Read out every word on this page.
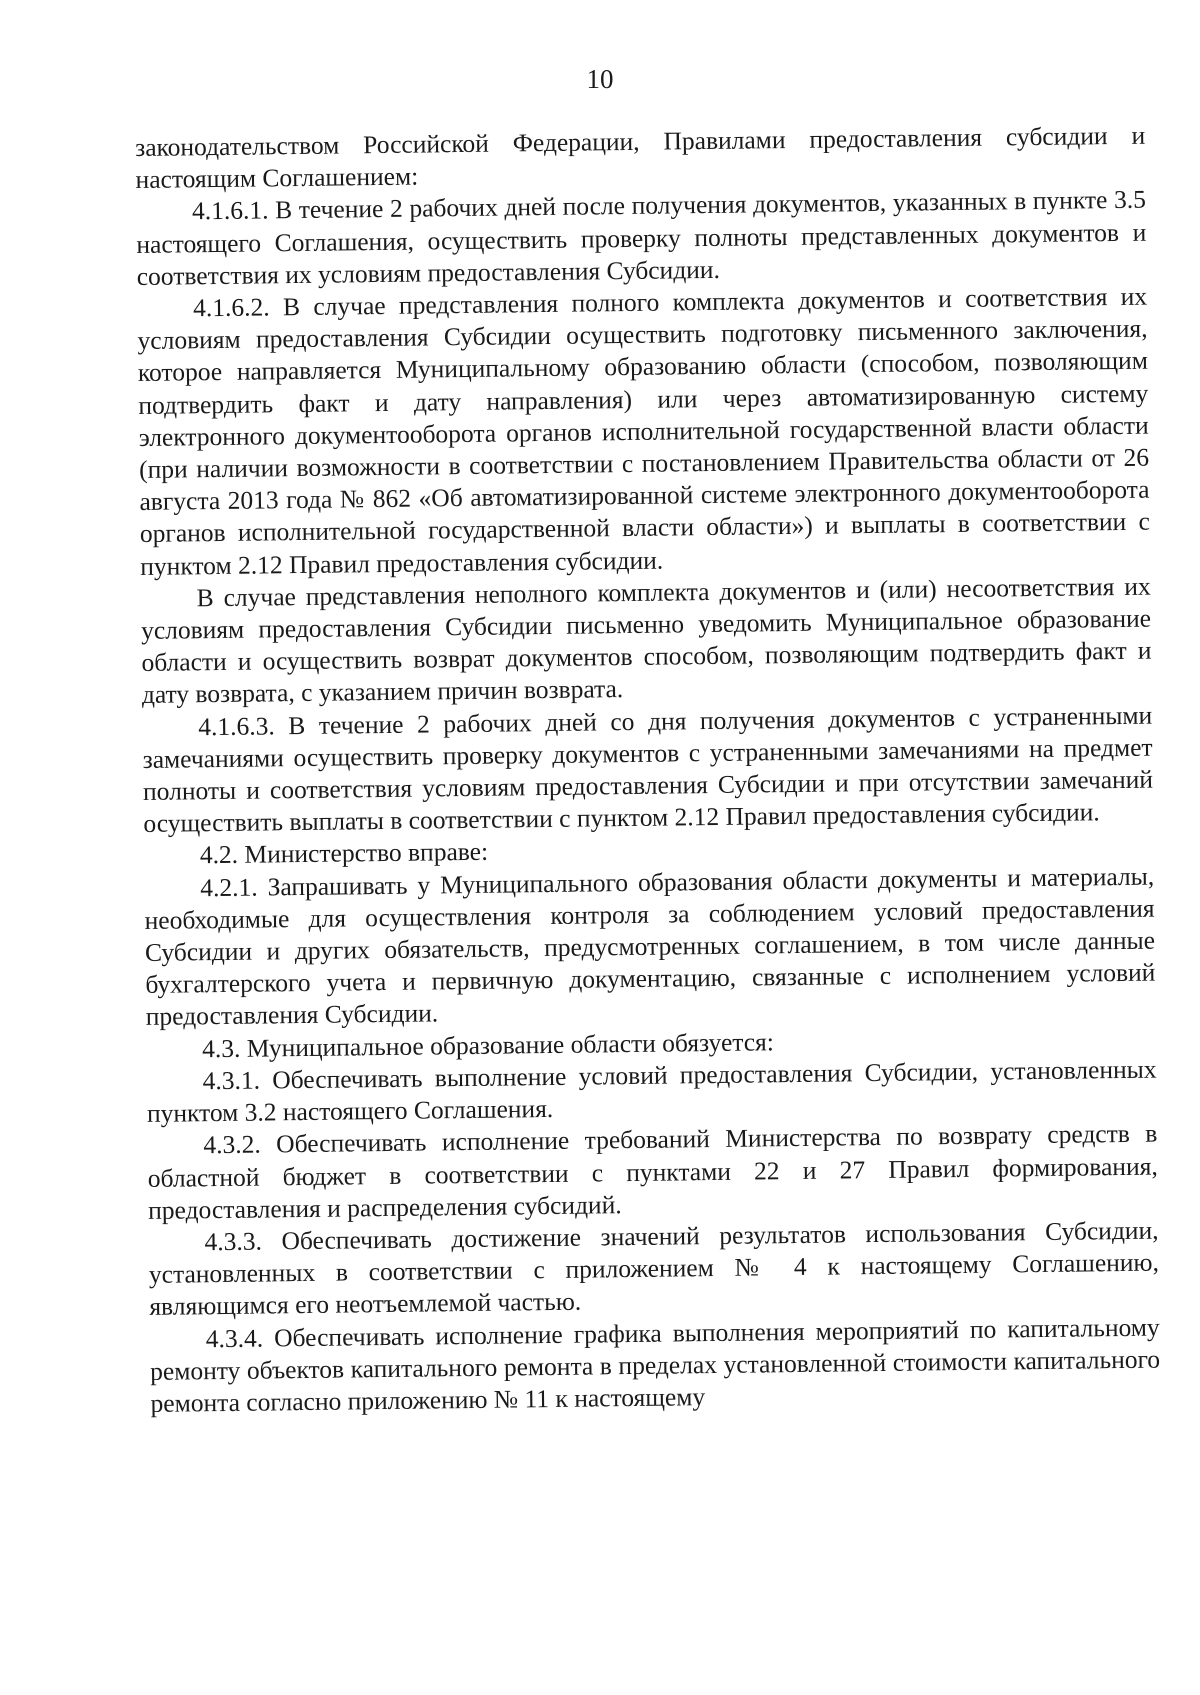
10

законодательством Российской Федерации, Правилами предоставления субсидии и настоящим Соглашением:

4.1.6.1. В течение 2 рабочих дней после получения документов, указанных в пункте 3.5 настоящего Соглашения, осуществить проверку полноты представленных документов и соответствия их условиям предоставления Субсидии.

4.1.6.2. В случае представления полного комплекта документов и соответствия их условиям предоставления Субсидии осуществить подготовку письменного заключения, которое направляется Муниципальному образованию области (способом, позволяющим подтвердить факт и дату направления) или через автоматизированную систему электронного документооборота органов исполнительной государственной власти области (при наличии возможности в соответствии с постановлением Правительства области от 26 августа 2013 года № 862 «Об автоматизированной системе электронного документооборота органов исполнительной государственной власти области») и выплаты в соответствии с пунктом 2.12 Правил предоставления субсидии.

В случае представления неполного комплекта документов и (или) несоответствия их условиям предоставления Субсидии письменно уведомить Муниципальное образование области и осуществить возврат документов способом, позволяющим подтвердить факт и дату возврата, с указанием причин возврата.

4.1.6.3. В течение 2 рабочих дней со дня получения документов с устраненными замечаниями осуществить проверку документов с устраненными замечаниями на предмет полноты и соответствия условиям предоставления Субсидии и при отсутствии замечаний осуществить выплаты в соответствии с пунктом 2.12 Правил предоставления субсидии.

4.2. Министерство вправе:

4.2.1. Запрашивать у Муниципального образования области документы и материалы, необходимые для осуществления контроля за соблюдением условий предоставления Субсидии и других обязательств, предусмотренных соглашением, в том числе данные бухгалтерского учета и первичную документацию, связанные с исполнением условий предоставления Субсидии.

4.3. Муниципальное образование области обязуется:

4.3.1. Обеспечивать выполнение условий предоставления Субсидии, установленных пунктом 3.2 настоящего Соглашения.

4.3.2. Обеспечивать исполнение требований Министерства по возврату средств в областной бюджет в соответствии с пунктами 22 и 27 Правил формирования, предоставления и распределения субсидий.

4.3.3. Обеспечивать достижение значений результатов использования Субсидии, установленных в соответствии с приложением № 4 к настоящему Соглашению, являющимся его неотъемлемой частью.

4.3.4. Обеспечивать исполнение графика выполнения мероприятий по капитальному ремонту объектов капитального ремонта в пределах установленной стоимости капитального ремонта согласно приложению № 11 к настоящему
